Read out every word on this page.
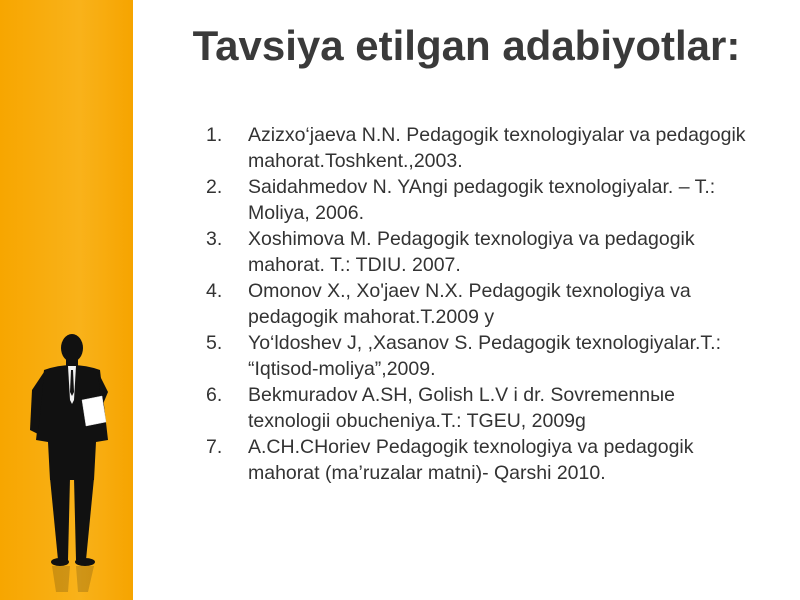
Tavsiya etilgan adabiyotlar:
1. Azizxo‘jaeva N.N. Pedagogik texnologiyalar va pedagogik mahorat.Toshkent.,2003.
2. Saidahmedov N. YAngi pedagogik texnologiyalar. – T.: Moliya, 2006.
3. Xoshimova M. Pedagogik texnologiya va pedagogik mahorat. T.: TDIU. 2007.
4. Omonov X., Xo'jaev N.X. Pedagogik texnologiya va pedagogik mahorat.T.2009 y
5. Yo‘ldoshev J, ,Xasanov S. Pedagogik texnologiyalar.T.: “Iqtisod-moliya”,2009.
6. Bekmuradov A.SH, Golish L.V i dr. Sovremennыe texnologii obucheniya.T.: TGEU, 2009g
7. A.CH.CHoriev Pedagogik texnologiya va pedagogik mahorat (ma’ruzalar matni)- Qarshi 2010.
